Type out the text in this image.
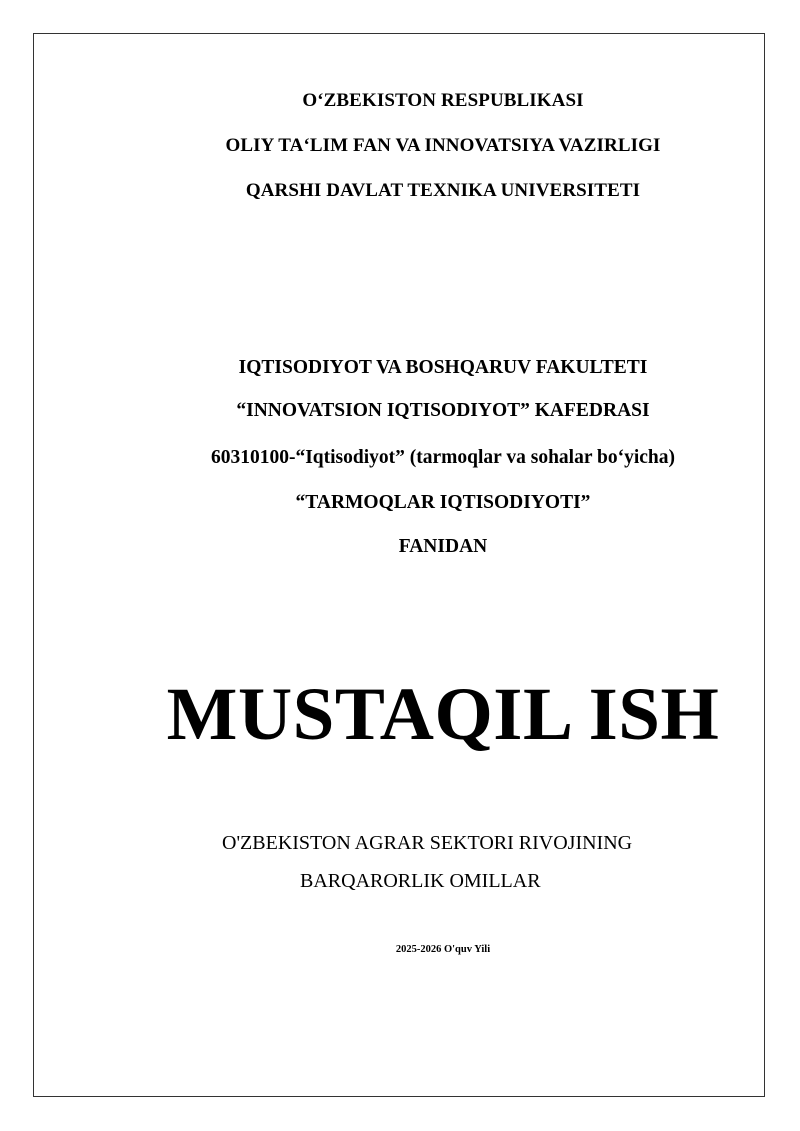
O‘ZBEKISTON RESPUBLIKASI
OLIY TA‘LIM FAN VA INNOVATSIYA VAZIRLIGI
QARSHI DAVLAT TEXNIKA UNIVERSITETI
IQTISODIYOT VA BOSHQARUV FAKULTETI
“INNOVATSION IQTISODIYOT” KAFEDRASI
60310100-“Iqtisodiyot” (tarmoqlar va sohalar bo‘yicha)
“TARMOQLAR IQTISODIYOTI”
FANIDAN
MUSTAQIL ISH
O'ZBEKISTON AGRAR SEKTORI RIVOJINING
BARQARORLIK OMILLAR
2025-2026 O'quv Yili
